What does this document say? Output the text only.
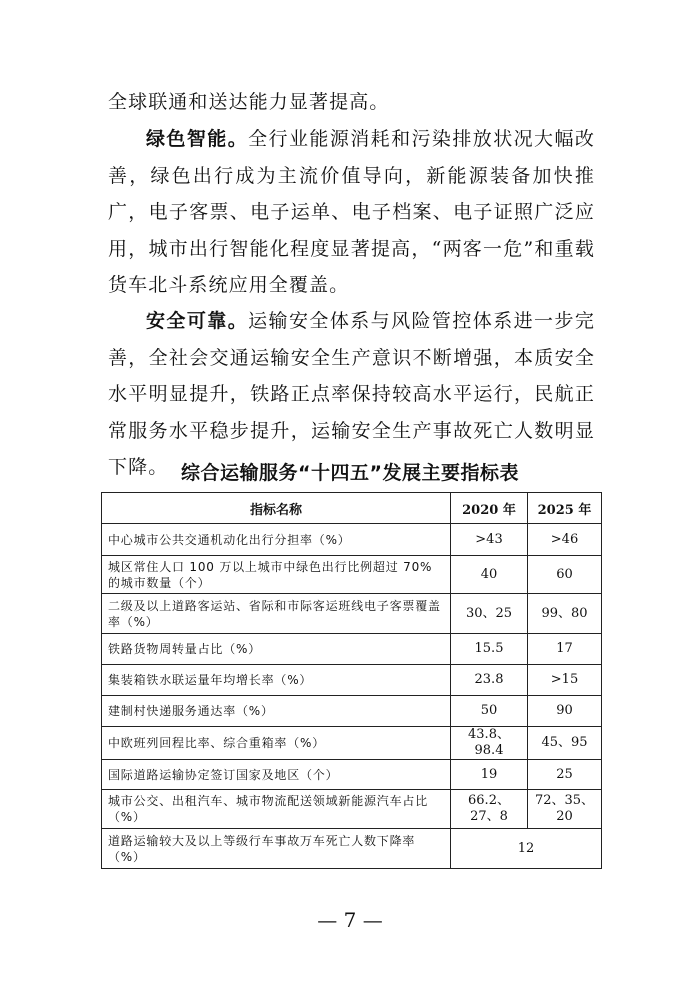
全球联通和送达能力显著提高。

绿色智能。全行业能源消耗和污染排放状况大幅改善，绿色出行成为主流价值导向，新能源装备加快推广，电子客票、电子运单、电子档案、电子证照广泛应用，城市出行智能化程度显著提高，“两客一危”和重载货车北斗系统应用全覆盖。

安全可靠。运输安全体系与风险管控体系进一步完善，全社会交通运输安全生产意识不断增强，本质安全水平明显提升，铁路正点率保持较高水平运行，民航正常服务水平稳步提升，运输安全生产事故死亡人数明显下降。 综合运输服务“十四五”发展主要指标表
指标名称	2020 年	2025 年
中心城市公共交通机动化出行分担率（%）	>43	>46
城区常住人口 100 万以上城市中绿色出行比例超过 70%的城市数量（个）	40	60
二级及以上道路客运站、省际和市际客运班线电子客票覆盖率（%）	30、25	99、80
铁路货物周转量占比（%）	15.5	17
集装箱铁水联运量年均增长率（%）	23.8	>15
建制村快递服务通达率（%）	50	90
中欧班列回程比率、综合重箱率（%）	43.8、98.4	45、95
国际道路运输协定签订国家及地区（个）	19	25
城市公交、出租汽车、城市物流配送领域新能源汽车占比（%）	66.2、27、8	72、35、20
道路运输较大及以上等级行车事故万车死亡人数下降率（%）	12	
— 7 —
